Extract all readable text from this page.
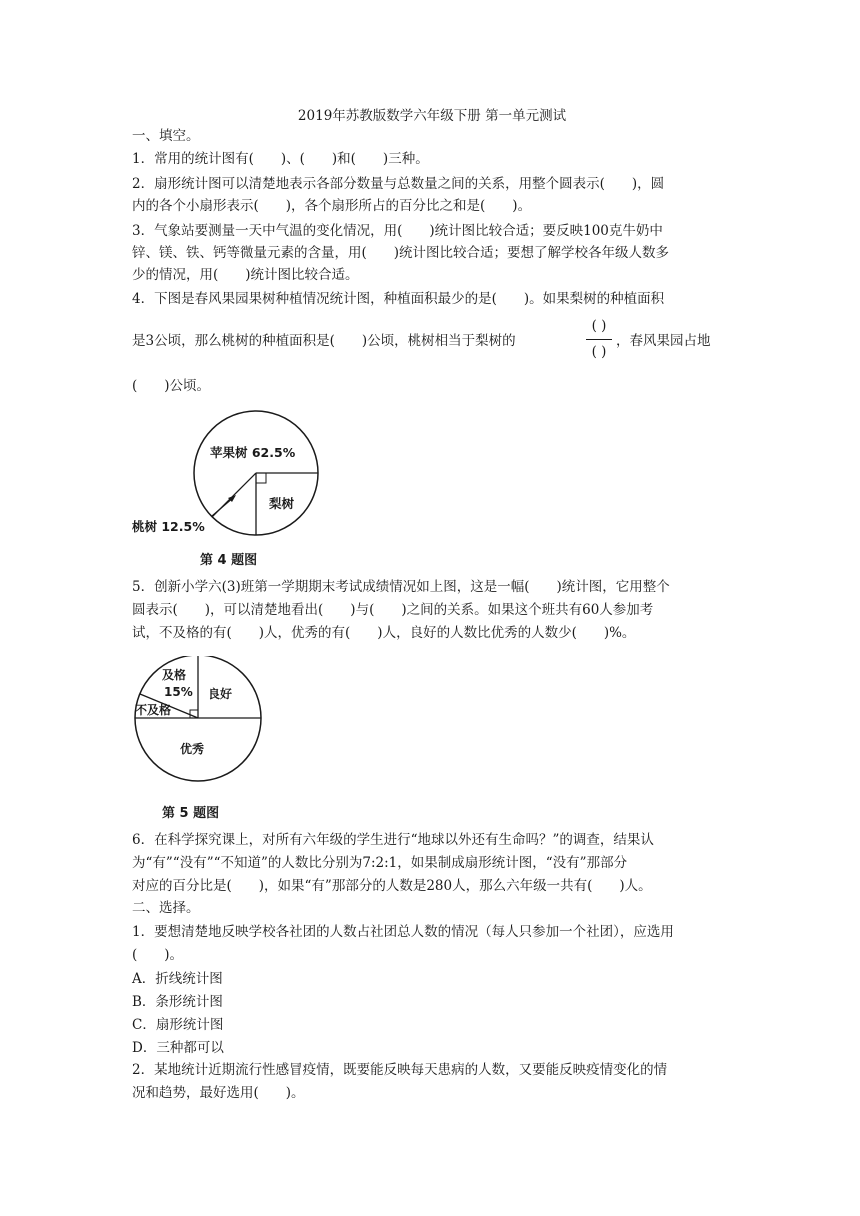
2019年苏教版数学六年级下册 第一单元测试
一、填空。
1．常用的统计图有(　　)、(　　)和(　　)三种。
2．扇形统计图可以清楚地表示各部分数量与总数量之间的关系，用整个圆表示(　　)，圆
内的各个小扇形表示(　　)，各个扇形所占的百分比之和是(　　)。
3．气象站要测量一天中气温的变化情况，用(　　)统计图比较合适；要反映100克牛奶中
锌、镁、铁、钙等微量元素的含量，用(　　)统计图比较合适；要想了解学校各年级人数多
少的情况，用(　　)统计图比较合适。
4．下图是春风果园果树种植情况统计图，种植面积最少的是(　　)。如果梨树的种植面积
是3公顷，那么桃树的种植面积是(　　)公顷，桃树相当于梨树的
( )
( )
，春风果园占地
(　　)公顷。
苹果树 62.5%
梨树
桃树 12.5%
第 4 题图
5．创新小学六(3)班第一学期期末考试成绩情况如上图，这是一幅(　　)统计图，它用整个
圆表示(　　)，可以清楚地看出(　　)与(　　)之间的关系。如果这个班共有60人参加考
试，不及格的有(　　)人，优秀的有(　　)人，良好的人数比优秀的人数少(　　)%。
及格
15% 良好
不及格
优秀
第 5 题图
6．在科学探究课上，对所有六年级的学生进行“地球以外还有生命吗？”的调查，结果认
为“有”“没有”“不知道”的人数比分别为7:2:1，如果制成扇形统计图，“没有”那部分
对应的百分比是(　　)，如果“有”那部分的人数是280人，那么六年级一共有(　　)人。
二、选择。
1．要想清楚地反映学校各社团的人数占社团总人数的情况（每人只参加一个社团），应选用
(　　)。
A．折线统计图
B．条形统计图
C．扇形统计图
D．三种都可以
2．某地统计近期流行性感冒疫情，既要能反映每天患病的人数，又要能反映疫情变化的情
况和趋势，最好选用(　　)。
